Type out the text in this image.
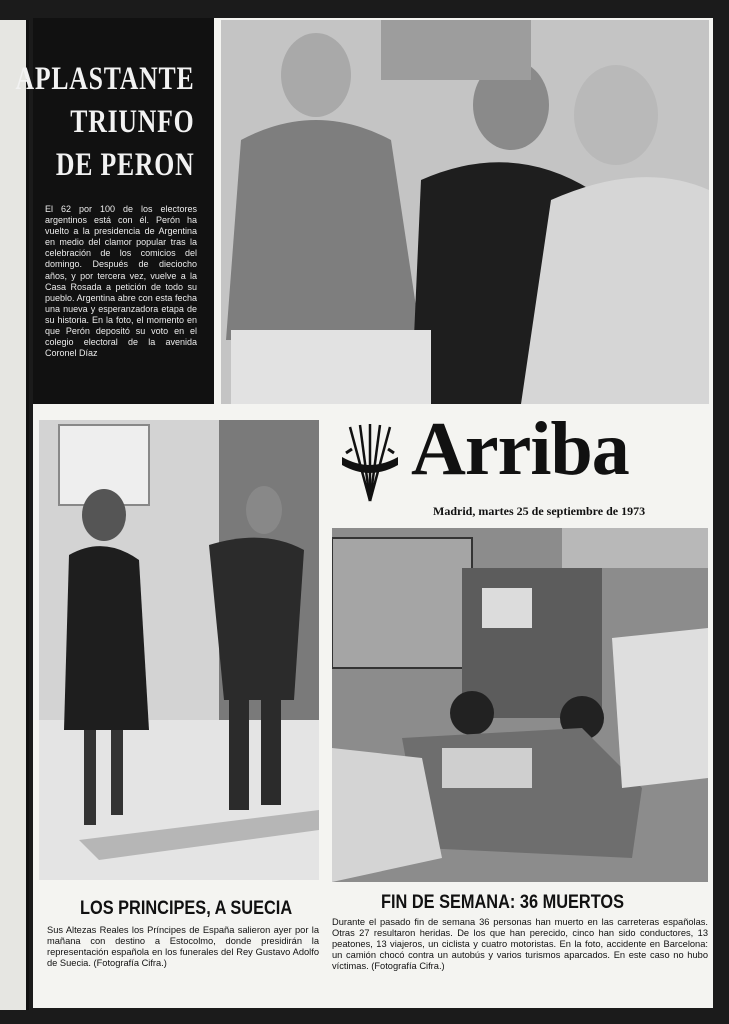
APLASTANTE
TRIUNFO
DE PERON
El 62 por 100 de los electores argentinos está con él. Perón ha vuelto a la presidencia de Argentina en medio del clamor popular tras la celebración de los comicios del domingo. Después de dieciocho años, y por tercera vez, vuelve a la Casa Rosada a petición de todo su pueblo. Argentina abre con esta fecha una nueva y esperanzadora etapa de su historia. En la foto, el momento en que Perón depositó su voto en el colegio electoral de la avenida Coronel Díaz
Arriba
Madrid, martes 25 de septiembre de 1973
LOS PRINCIPES, A SUECIA
Sus Altezas Reales los Príncipes de España salieron ayer por la mañana con destino a Estocolmo, donde presidirán la representación española en los funerales del Rey Gustavo Adolfo de Suecia. (Fotografía Cifra.)
FIN DE SEMANA: 36 MUERTOS
Durante el pasado fin de semana 36 personas han muerto en las carreteras españolas. Otras 27 resultaron heridas. De los que han perecido, cinco han sido conductores, 13 peatones, 13 viajeros, un ciclista y cuatro motoristas. En la foto, accidente en Barcelona: un camión chocó contra un autobús y varios turismos aparcados. En este caso no hubo víctimas. (Fotografía Cifra.)
